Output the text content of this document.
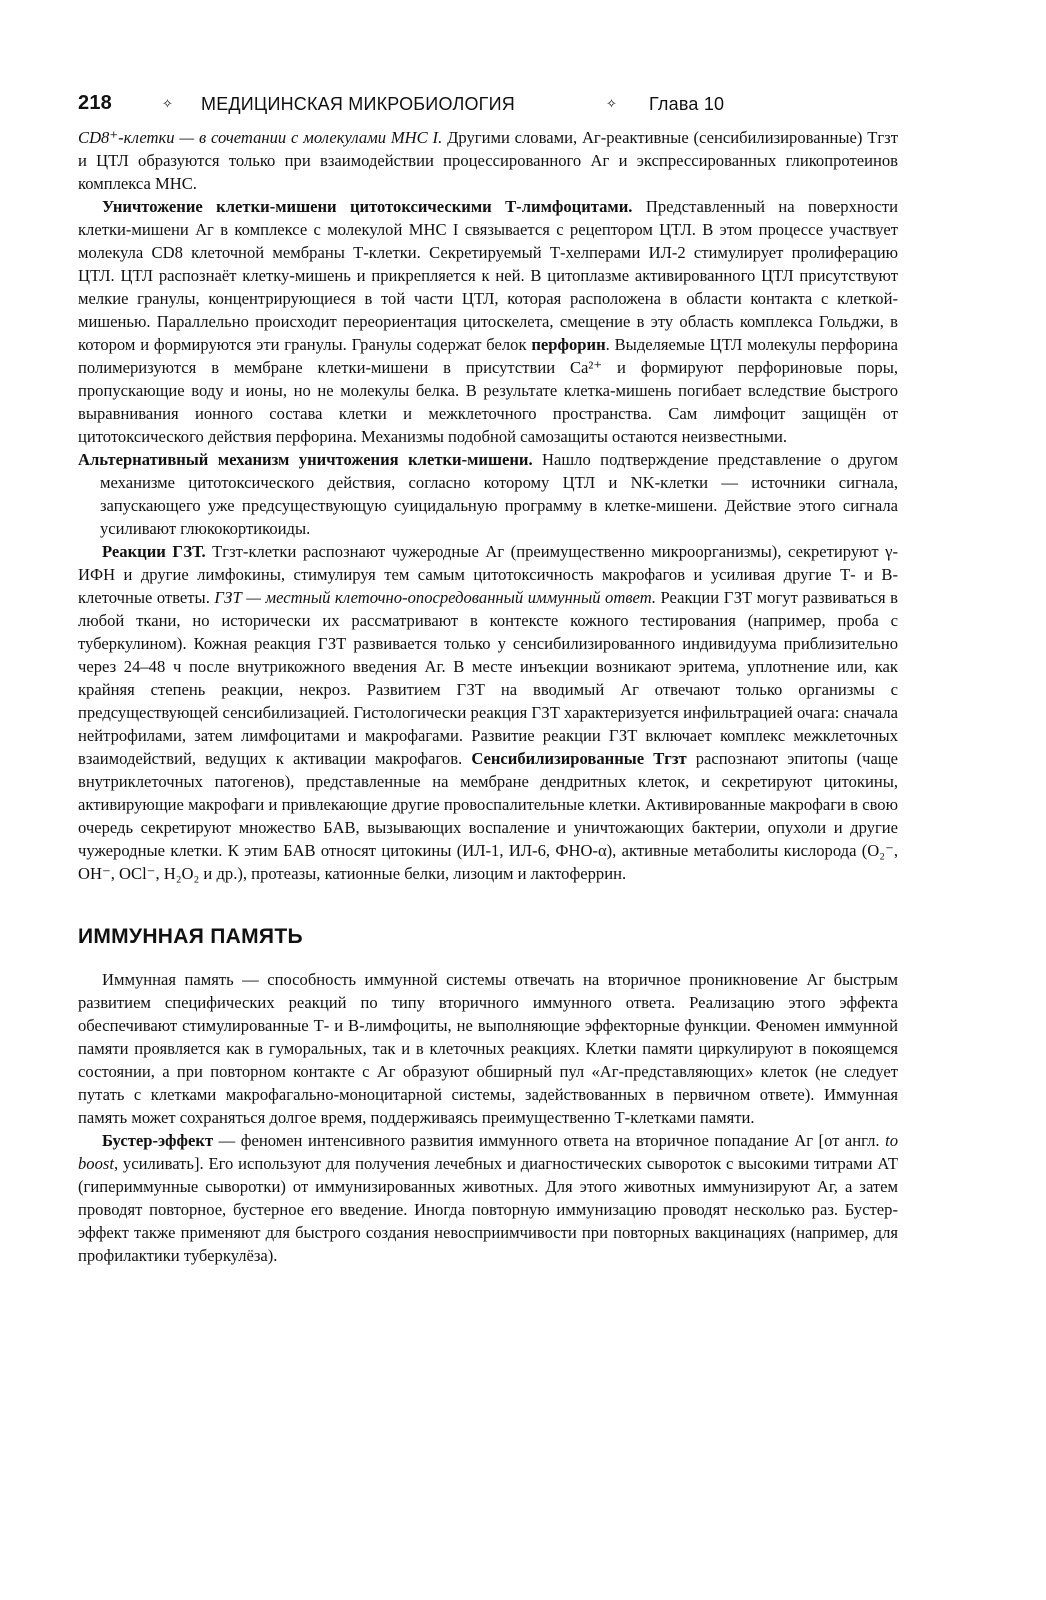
218	✧ МЕДИЦИНСКАЯ МИКРОБИОЛОГИЯ	✧ Глава 10

CD8⁺-клетки — в сочетании с молекулами МНС I. Другими словами, Аг-реактивные (сенсибилизированные) Тгзт и ЦТЛ образуются только при взаимодействии процессированного Аг и экспрессированных гликопротеинов комплекса МНС.

Уничтожение клетки-мишени цитотоксическими Т-лимфоцитами. Представленный на поверхности клетки-мишени Аг в комплексе с молекулой МНС I связывается с рецептором ЦТЛ. В этом процессе участвует молекула CD8 клеточной мембраны Т-клетки. Секретируемый Т-хелперами ИЛ-2 стимулирует пролиферацию ЦТЛ. ЦТЛ распознаёт клетку-мишень и прикрепляется к ней. В цитоплазме активированного ЦТЛ присутствуют мелкие гранулы, концентрирующиеся в той части ЦТЛ, которая расположена в области контакта с клеткой-мишенью. Параллельно происходит переориентация цитоскелета, смещение в эту область комплекса Гольджи, в котором и формируются эти гранулы. Гранулы содержат белок перфорин. Выделяемые ЦТЛ молекулы перфорина полимеризуются в мембране клетки-мишени в присутствии Ca²⁺ и формируют перфориновые поры, пропускающие воду и ионы, но не молекулы белка. В результате клетка-мишень погибает вследствие быстрого выравнивания ионного состава клетки и межклеточного пространства. Сам лимфоцит защищён от цитотоксического действия перфорина. Механизмы подобной самозащиты остаются неизвестными.

Альтернативный механизм уничтожения клетки-мишени. Нашло подтверждение представление о другом механизме цитотоксического действия, согласно которому ЦТЛ и NK-клетки — источники сигнала, запускающего уже предсуществующую суицидальную программу в клетке-мишени. Действие этого сигнала усиливают глюкокортикоиды.

Реакции ГЗТ. Тгзт-клетки распознают чужеродные Аг (преимущественно микроорганизмы), секретируют γ-ИФН и другие лимфокины, стимулируя тем самым цитотоксичность макрофагов и усиливая другие Т- и В-клеточные ответы. ГЗТ — местный клеточно-опосредованный иммунный ответ. Реакции ГЗТ могут развиваться в любой ткани, но исторически их рассматривают в контексте кожного тестирования (например, проба с туберкулином). Кожная реакция ГЗТ развивается только у сенсибилизированного индивидуума приблизительно через 24–48 ч после внутрикожного введения Аг. В месте инъекции возникают эритема, уплотнение или, как крайняя степень реакции, некроз. Развитием ГЗТ на вводимый Аг отвечают только организмы с предсуществующей сенсибилизацией. Гистологически реакция ГЗТ характеризуется инфильтрацией очага: сначала нейтрофилами, затем лимфоцитами и макрофагами. Развитие реакции ГЗТ включает комплекс межклеточных взаимодействий, ведущих к активации макрофагов. Сенсибилизированные Тгзт распознают эпитопы (чаще внутриклеточных патогенов), представленные на мембране дендритных клеток, и секретируют цитокины, активирующие макрофаги и привлекающие другие провоспалительные клетки. Активированные макрофаги в свою очередь секретируют множество БАВ, вызывающих воспаление и уничтожающих бактерии, опухоли и другие чужеродные клетки. К этим БАВ относят цитокины (ИЛ-1, ИЛ-6, ФНО-α), активные метаболиты кислорода (O₂⁻, OH⁻, OCl⁻, H₂O₂ и др.), протеазы, катионные белки, лизоцим и лактоферрин.

ИММУННАЯ ПАМЯТЬ

Иммунная память — способность иммунной системы отвечать на вторичное проникновение Аг быстрым развитием специфических реакций по типу вторичного иммунного ответа. Реализацию этого эффекта обеспечивают стимулированные Т- и В-лимфоциты, не выполняющие эффекторные функции. Феномен иммунной памяти проявляется как в гуморальных, так и в клеточных реакциях. Клетки памяти циркулируют в покоящемся состоянии, а при повторном контакте с Аг образуют обширный пул «Аг-представляющих» клеток (не следует путать с клетками макрофагально-моноцитарной системы, задействованных в первичном ответе). Иммунная память может сохраняться долгое время, поддерживаясь преимущественно Т-клетками памяти.

Бустер-эффект — феномен интенсивного развития иммунного ответа на вторичное попадание Аг [от англ. to boost, усиливать]. Его используют для получения лечебных и диагностических сывороток с высокими титрами АТ (гипериммунные сыворотки) от иммунизированных животных. Для этого животных иммунизируют Аг, а затем проводят повторное, бустерное его введение. Иногда повторную иммунизацию проводят несколько раз. Бустер-эффект также применяют для быстрого создания невосприимчивости при повторных вакцинациях (например, для профилактики туберкулёза).
